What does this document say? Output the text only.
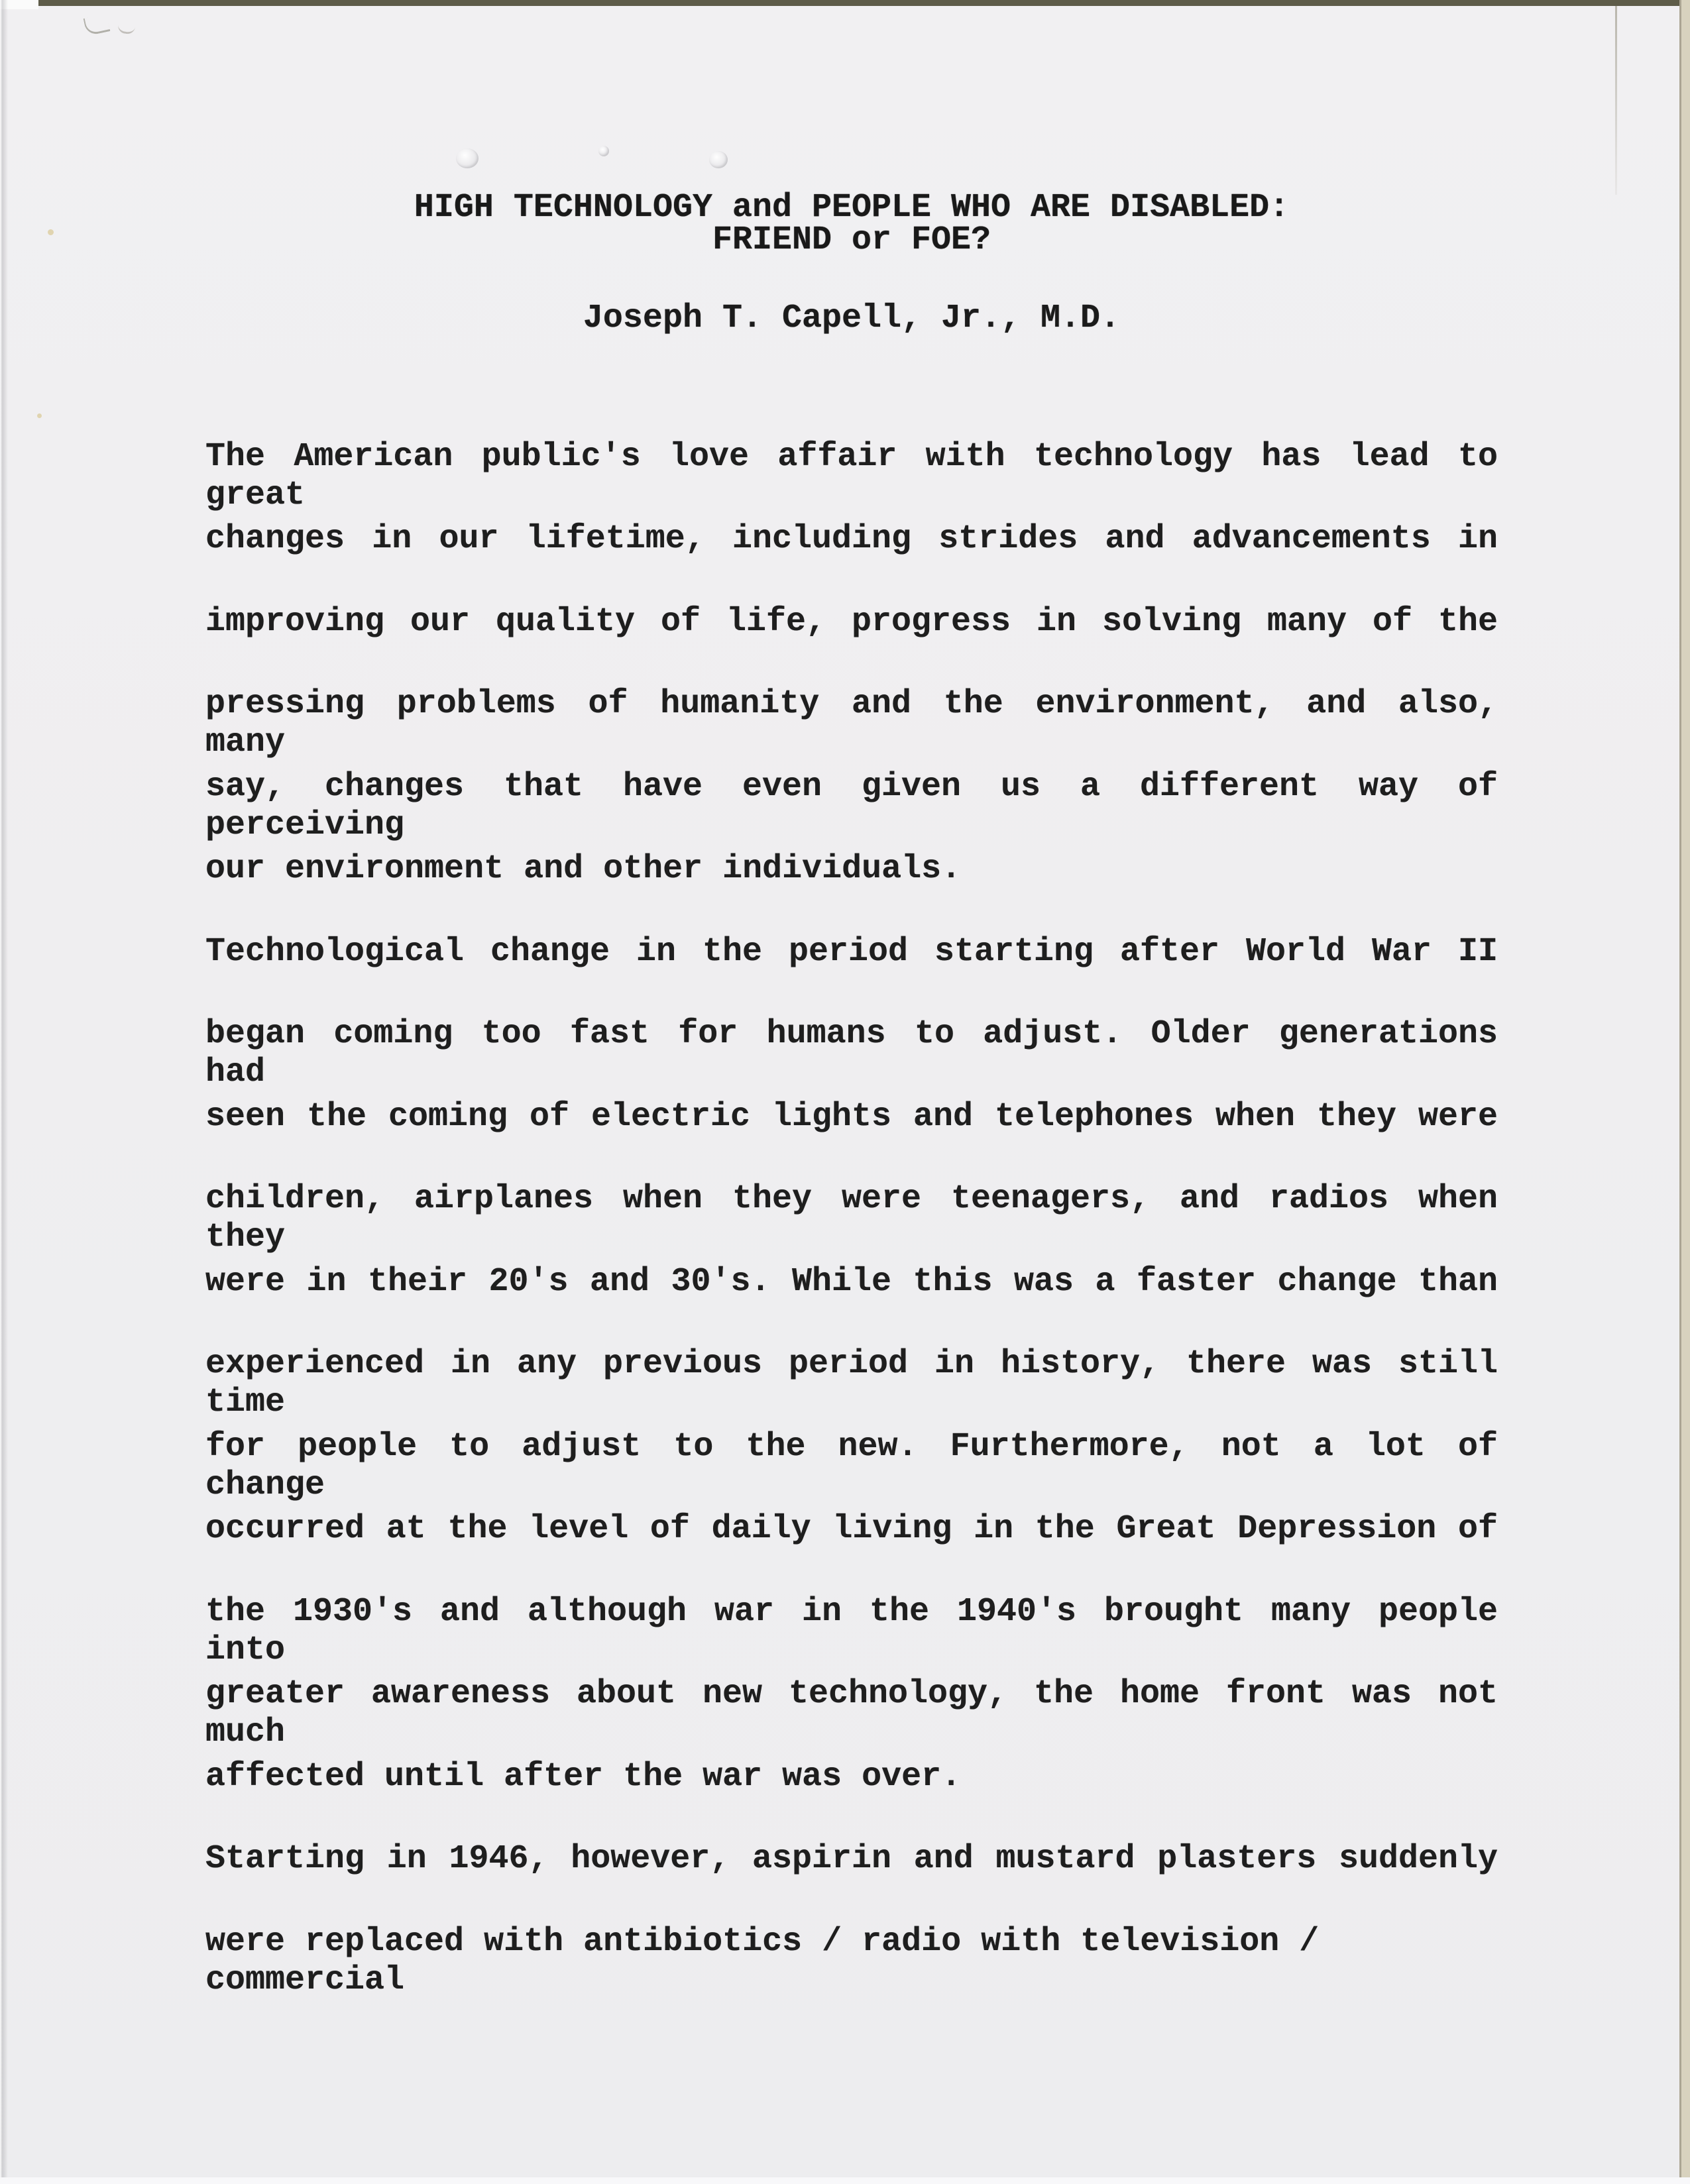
HIGH TECHNOLOGY and PEOPLE WHO ARE DISABLED:
FRIEND or FOE?
Joseph T. Capell, Jr., M.D.
The American public's love affair with technology has lead to great
changes in our lifetime, including strides and advancements in
improving our quality of life, progress in solving many of the
pressing problems of humanity and the environment, and also, many
say, changes that have even given us a different way of perceiving
our environment and other individuals.
Technological change in the period starting after World War II
began coming too fast for humans to adjust. Older generations had
seen the coming of electric lights and telephones when they were
children, airplanes when they were teenagers, and radios when they
were in their 20's and 30's. While this was a faster change than
experienced in any previous period in history, there was still time
for people to adjust to the new. Furthermore, not a lot of change
occurred at the level of daily living in the Great Depression of
the 1930's and although war in the 1940's brought many people into
greater awareness about new technology, the home front was not much
affected until after the war was over.
Starting in 1946, however, aspirin and mustard plasters suddenly
were replaced with antibiotics / radio with television / commercial
